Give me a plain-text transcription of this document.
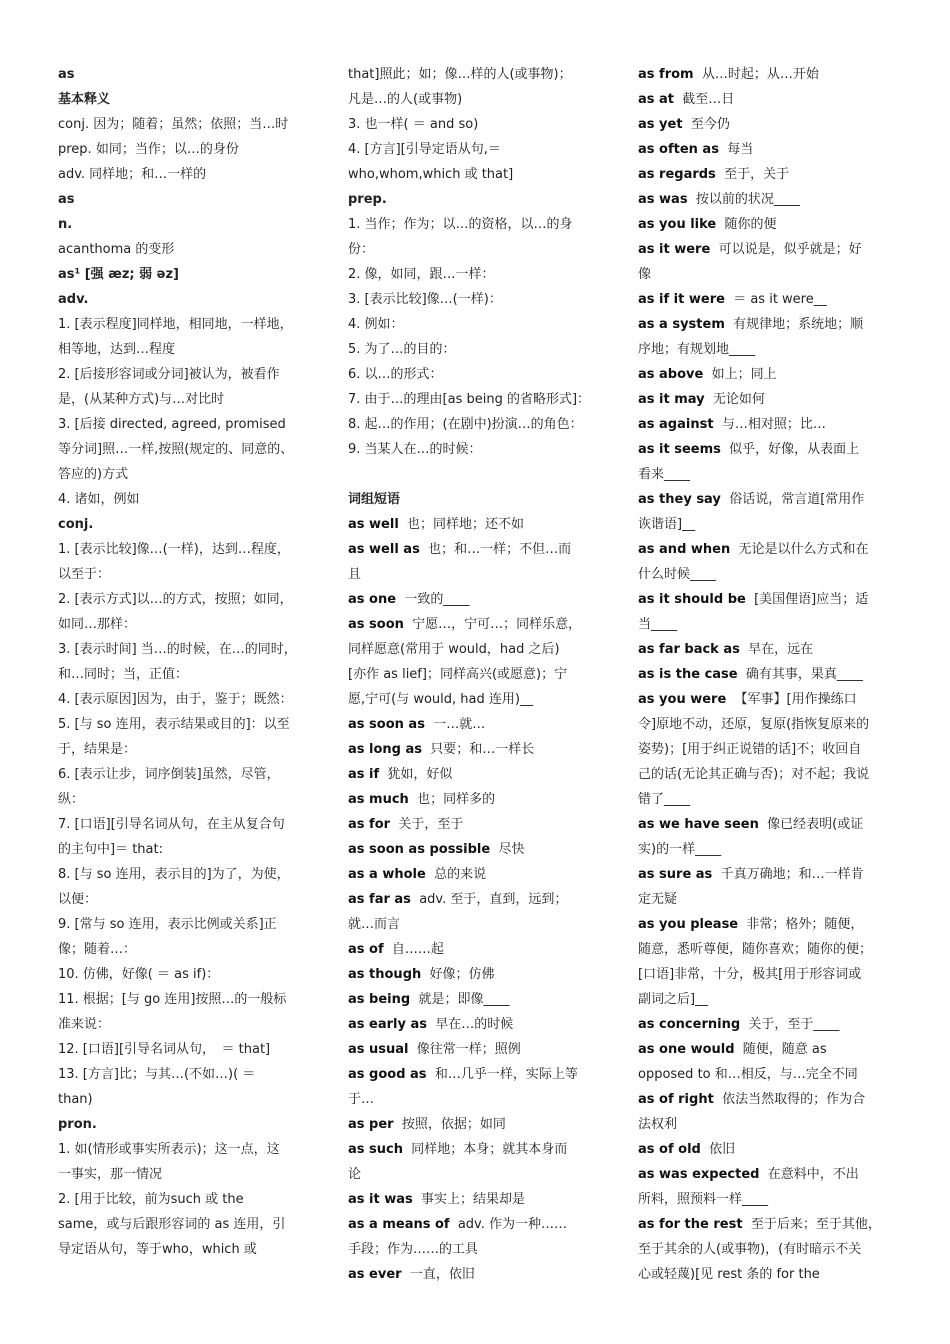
as

基本释义

conj. 因为；随着；虽然；依照；当…时

prep. 如同；当作；以…的身份

adv. 同样地；和…一样的

as

n.

acanthoma 的变形

as¹ [强 æz; 弱 əz]

adv.

1. [表示程度]同样地，相同地，一样地，

相等地，达到…程度

2. [后接形容词或分词]被认为，被看作

是，(从某种方式)与…对比时

3. [后接 directed, agreed, promised

等分词]照…一样,按照(规定的、同意的、

答应的)方式

4. 诸如，例如

conj.

1. [表示比较]像…(一样)，达到…程度，

以至于：

2. [表示方式]以…的方式，按照；如同，

如同…那样：

3. [表示时间] 当…的时候，在…的同时，

和…同时；当，正值：

4. [表示原因]因为，由于，鉴于；既然：

5. [与 so 连用，表示结果或目的]：以至

于，结果是：

6. [表示让步，词序倒装]虽然，尽管，

纵：

7. [口语][引导名词从句，在主从复合句

的主句中]＝ that:

8. [与 so 连用，表示目的]为了，为使，

以便：

9. [常与 so 连用，表示比例或关系]正

像；随着…：

10. 仿佛，好像( ＝ as if)：

11. 根据；[与 go 连用]按照…的一般标

准来说：

12. [口语][引导名词从句，　＝ that]

13. [方言]比；与其…(不如…)( ＝

than)

pron.

1. 如(情形或事实所表示)；这一点，这

一事实，那一情况

2. [用于比较，前为such 或 the

same，或与后跟形容词的 as 连用，引

导定语从句，等于who，which 或

that]照此；如；像…样的人(或事物)；

凡是…的人(或事物)

3. 也一样( ＝ and so)

4. [方言][引导定语从句,＝

who,whom,which 或 that]

prep.

1. 当作；作为；以…的资格，以…的身

份：

2. 像，如同，跟…一样：

3. [表示比较]像…(一样)：

4. 例如：

5. 为了…的目的：

6. 以…的形式：

7. 由于…的理由[as being 的省略形式]：

8. 起…的作用；(在剧中)扮演…的角色：

9. 当某人在…的时候：

词组短语

as well 也；同样地；还不如

as well as 也；和…一样；不但…而

且

as one 一致的____

as soon 宁愿…，宁可…；同样乐意，

同样愿意(常用于 would，had 之后)

[亦作 as lief]；同样高兴(或愿意)；宁

愿,宁可(与 would, had 连用)__

as soon as 一…就…

as long as 只要；和…一样长

as if 犹如，好似

as much 也；同样多的

as for 关于，至于

as soon as possible 尽快

as a whole 总的来说

as far as adv. 至于，直到，远到；

就…而言

as of 自……起

as though 好像；仿佛

as being 就是；即像____

as early as 早在…的时候

as usual 像往常一样；照例

as good as 和…几乎一样，实际上等

于…

as per 按照，依据；如同

as such 同样地；本身；就其本身而

论

as it was 事实上；结果却是

as a means of adv. 作为一种……

手段；作为……的工具

as ever 一直，依旧

as from 从…时起；从…开始

as at 截至…日

as yet 至今仍

as often as 每当

as regards 至于，关于

as was 按以前的状况____

as you like 随你的便

as it were 可以说是，似乎就是；好

像

as if it were ＝ as it were__

as a system 有规律地；系统地；顺

序地；有规划地____

as above 如上；同上

as it may 无论如何

as against 与…相对照；比…

as it seems 似乎，好像，从表面上

看来____

as they say 俗话说，常言道[常用作

诙谐语]__

as and when 无论是以什么方式和在

什么时候____

as it should be [美国俚语]应当；适

当____

as far back as 早在，远在

as is the case 确有其事，果真____

as you were 【军事】[用作操练口

令]原地不动，还原，复原(指恢复原来的

姿势)；[用于纠正说错的话]不；收回自

己的话(无论其正确与否)；对不起；我说

错了____

as we have seen 像已经表明(或证

实)的一样____

as sure as 千真万确地；和…一样肯

定无疑

as you please 非常；格外；随便，

随意，悉听尊便，随你喜欢；随你的便；

[口语]非常，十分，极其[用于形容词或

副词之后]__

as concerning 关于，至于____

as one would 随便，随意 as

opposed to 和…相反，与…完全不同

as of right 依法当然取得的；作为合

法权利

as of old 依旧

as was expected 在意料中，不出

所料，照预料一样____

as for the rest 至于后来；至于其他，

至于其余的人(或事物)，(有时暗示不关

心或轻蔑)[见 rest 条的 for the
